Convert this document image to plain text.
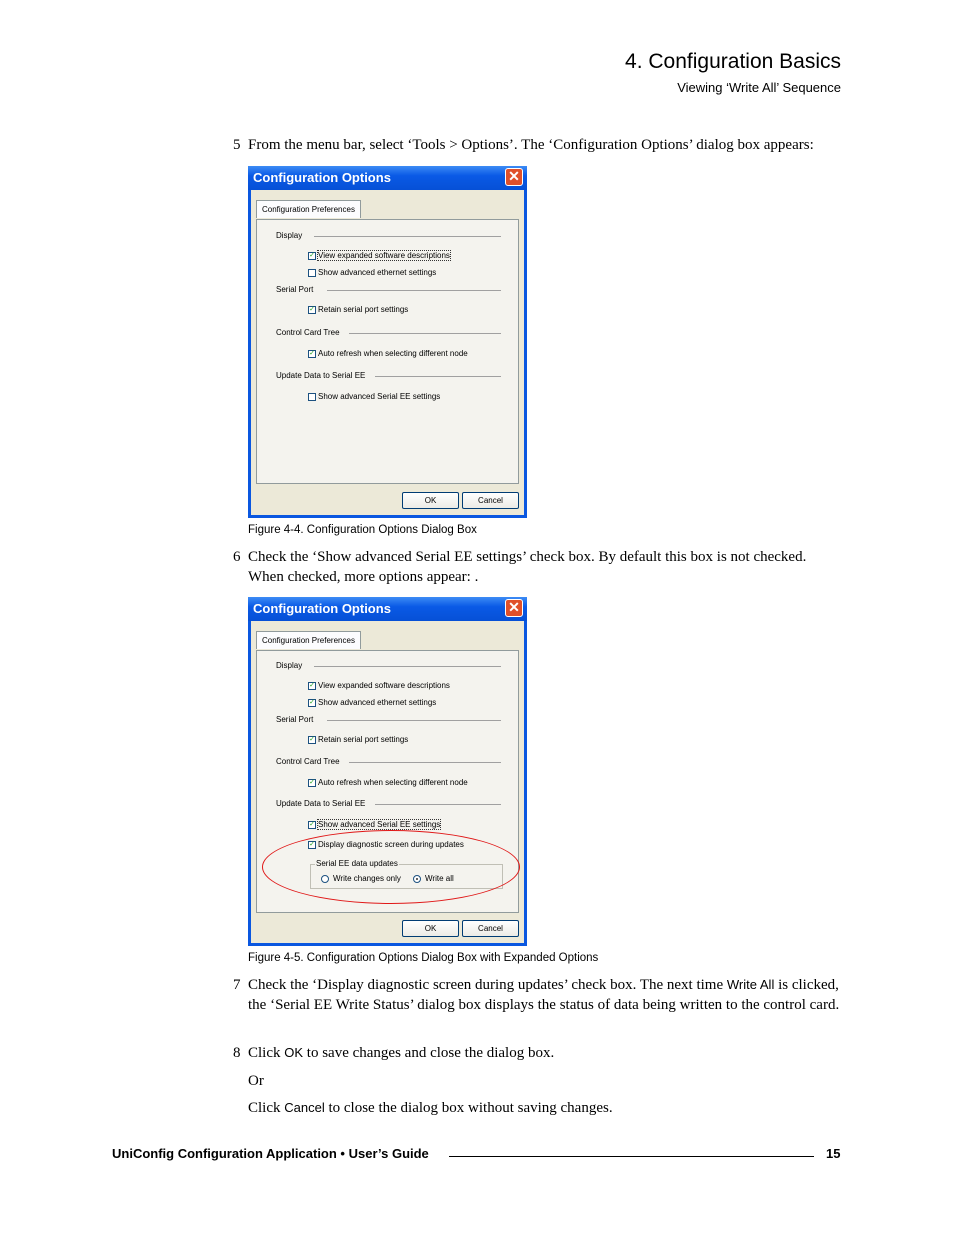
4. Configuration Basics
Viewing ‘Write All’ Sequence
5 From the menu bar, select ‘Tools > Options’. The ‘Configuration Options’ dialog box appears:
Configuration Options	✕
Configuration Preferences
Display
✓ View expanded software descriptions
Show advanced ethernet settings
Serial Port
✓ Retain serial port settings
Control Card Tree
✓ Auto refresh when selecting different node
Update Data to Serial EE
Show advanced Serial EE settings
OK	Cancel
Figure 4-4. Configuration Options Dialog Box
6 Check the ‘Show advanced Serial EE settings’ check box. By default this box is not checked. When checked, more options appear: .
Configuration Options	✕
Configuration Preferences
Display
✓ View expanded software descriptions
✓ Show advanced ethernet settings
Serial Port
✓ Retain serial port settings
Control Card Tree
✓ Auto refresh when selecting different node
Update Data to Serial EE
✓ Show advanced Serial EE settings
✓ Display diagnostic screen during updates
Serial EE data updates
Write changes only	Write all
OK	Cancel
Figure 4-5. Configuration Options Dialog Box with Expanded Options
7 Check the ‘Display diagnostic screen during updates’ check box. The next time Write All is clicked, the ‘Serial EE Write Status’ dialog box displays the status of data being written to the control card.
8 Click OK to save changes and close the dialog box.
Or
Click Cancel to close the dialog box without saving changes.
UniConfig Configuration Application • User’s Guide	15
